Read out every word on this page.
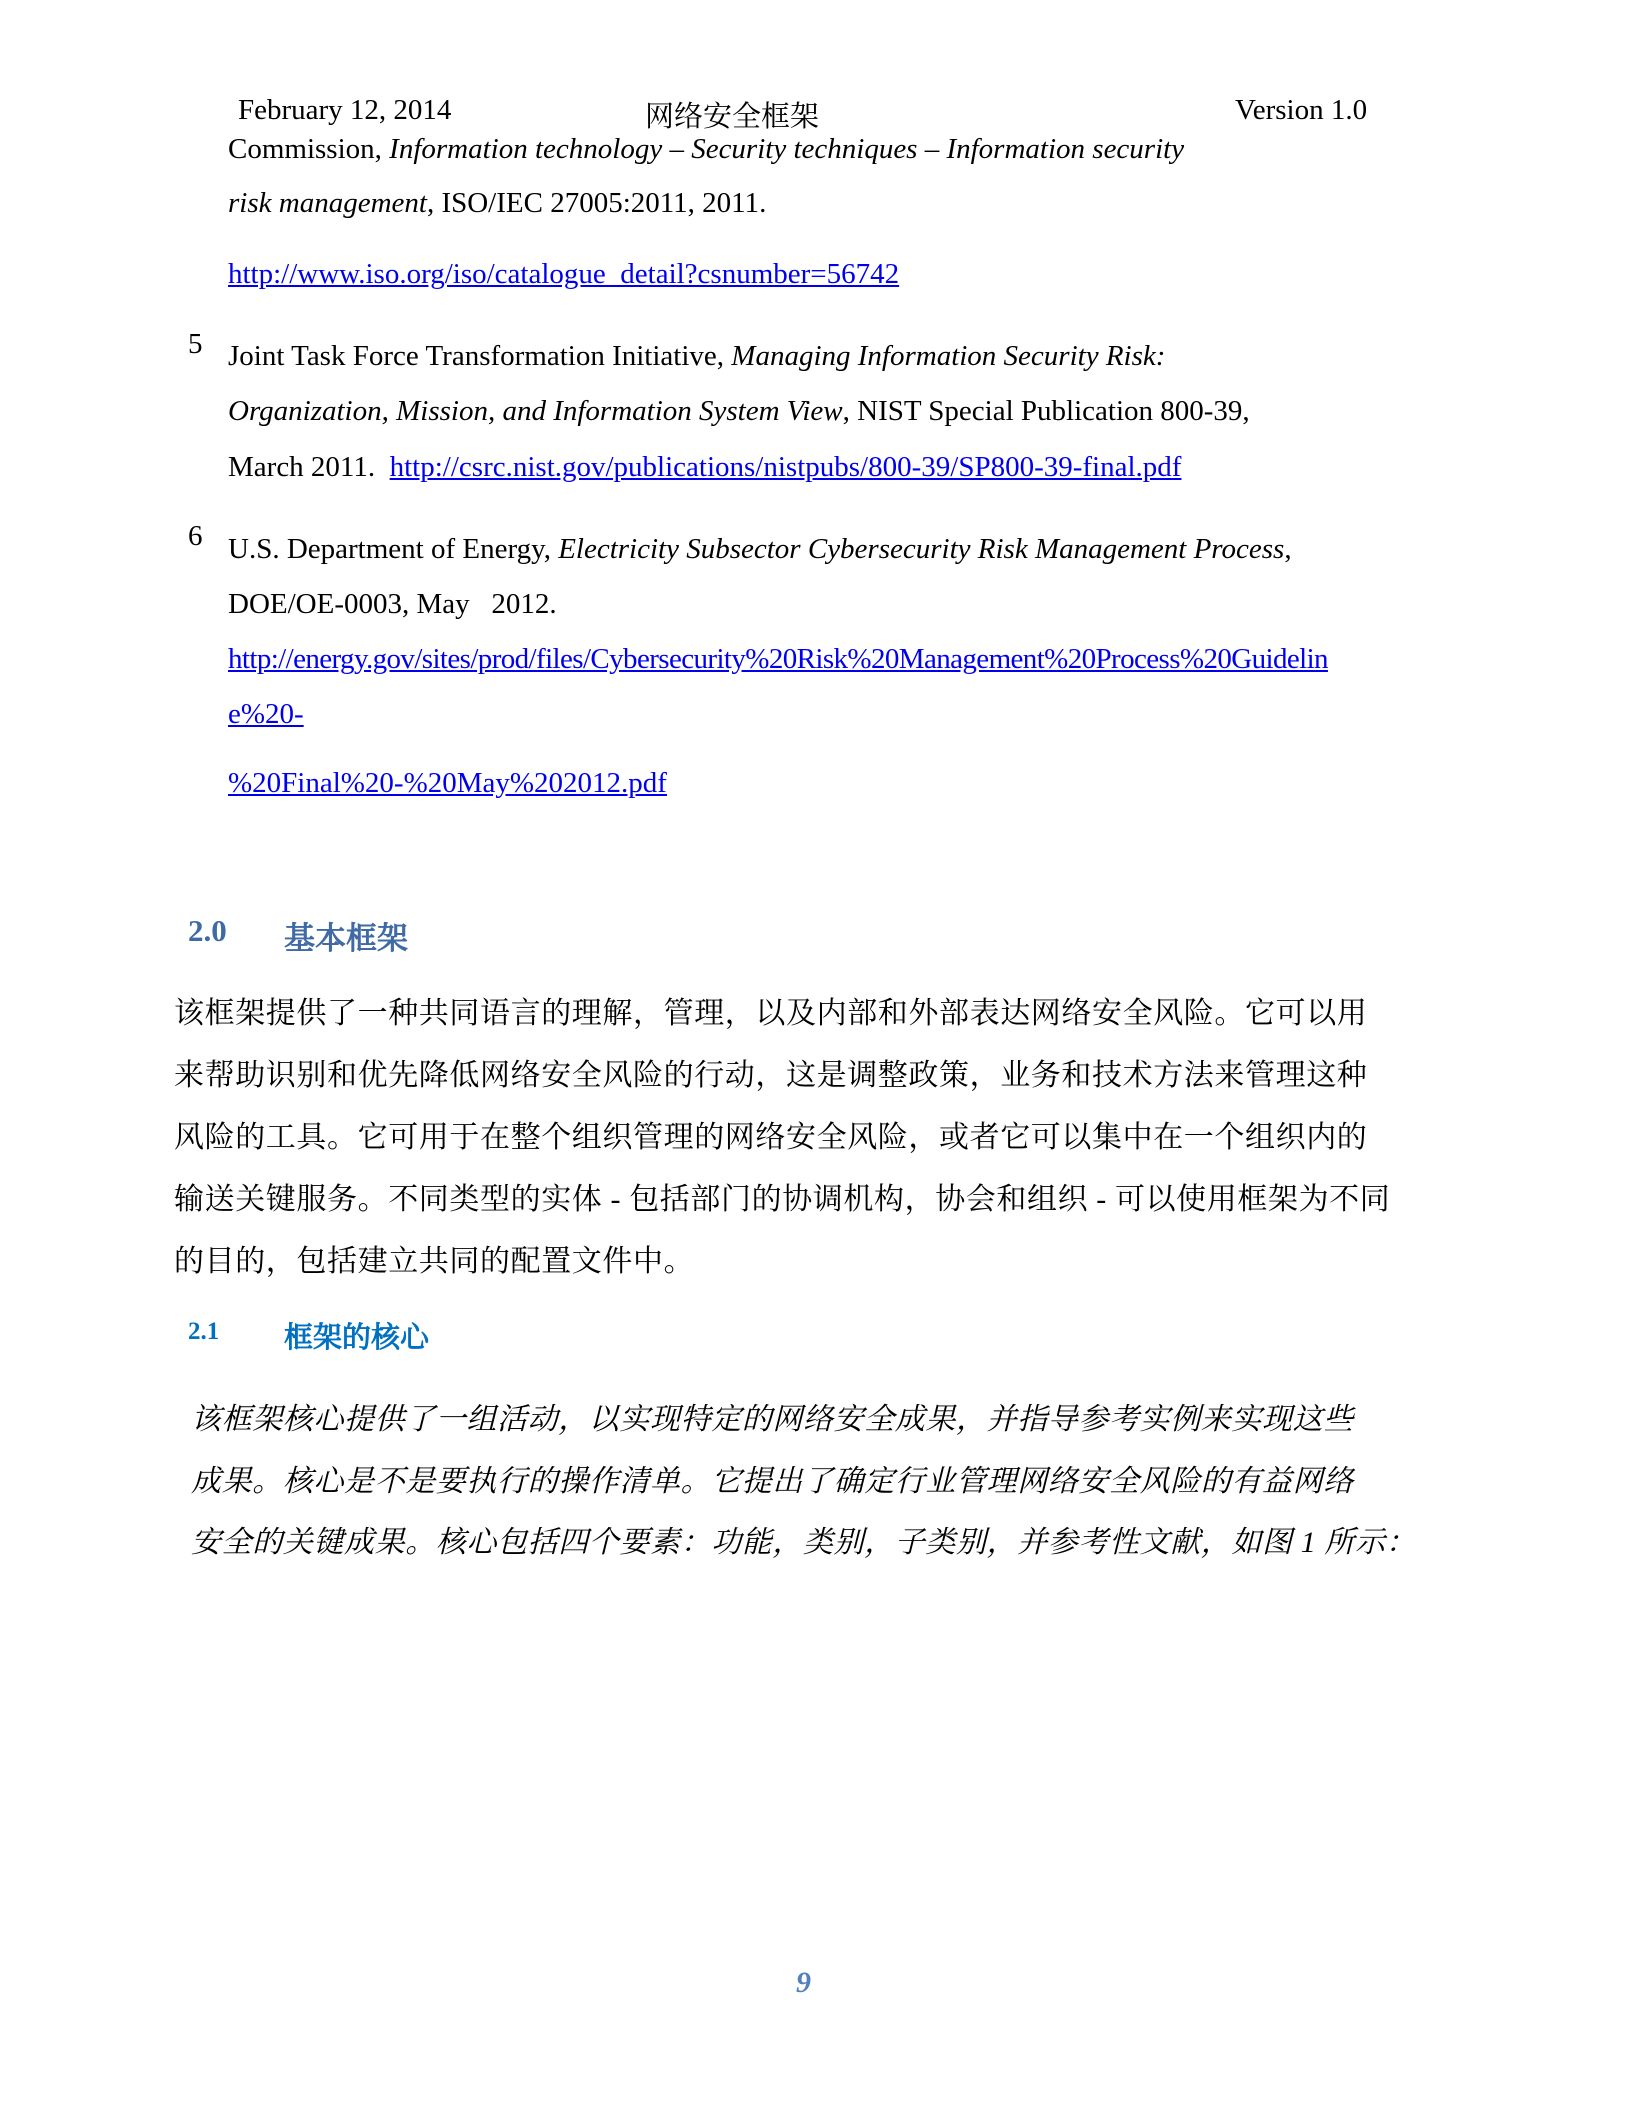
February 12, 2014	网络安全框架	Version 1.0
Commission, Information technology – Security techniques – Information security
risk management, ISO/IEC 27005:2011, 2011.
http://www.iso.org/iso/catalogue_detail?csnumber=56742
5 Joint Task Force Transformation Initiative, Managing Information Security Risk:
Organization, Mission, and Information System View, NIST Special Publication 800-39,
March 2011.  http://csrc.nist.gov/publications/nistpubs/800-39/SP800-39-final.pdf
6 U.S. Department of Energy, Electricity Subsector Cybersecurity Risk Management Process,
DOE/OE-0003, May   2012.
http://energy.gov/sites/prod/files/Cybersecurity%20Risk%20Management%20Process%20Guidelin
e%20-
%20Final%20-%20May%202012.pdf
2.0 基本框架
该框架提供了一种共同语言的理解，管理，以及内部和外部表达网络安全风险。它可以用
来帮助识别和优先降低网络安全风险的行动，这是调整政策，业务和技术方法来管理这种
风险的工具。它可用于在整个组织管理的网络安全风险，或者它可以集中在一个组织内的
输送关键服务。不同类型的实体 - 包括部门的协调机构，协会和组织 - 可以使用框架为不同
的目的，包括建立共同的配置文件中。
2.1 框架的核心
该框架核心提供了一组活动，以实现特定的网络安全成果，并指导参考实例来实现这些
成果。核心是不是要执行的操作清单。它提出了确定行业管理网络安全风险的有益网络
安全的关键成果。核心包括四个要素：功能，类别，子类别，并参考性文献，如图 1 所示：
9
